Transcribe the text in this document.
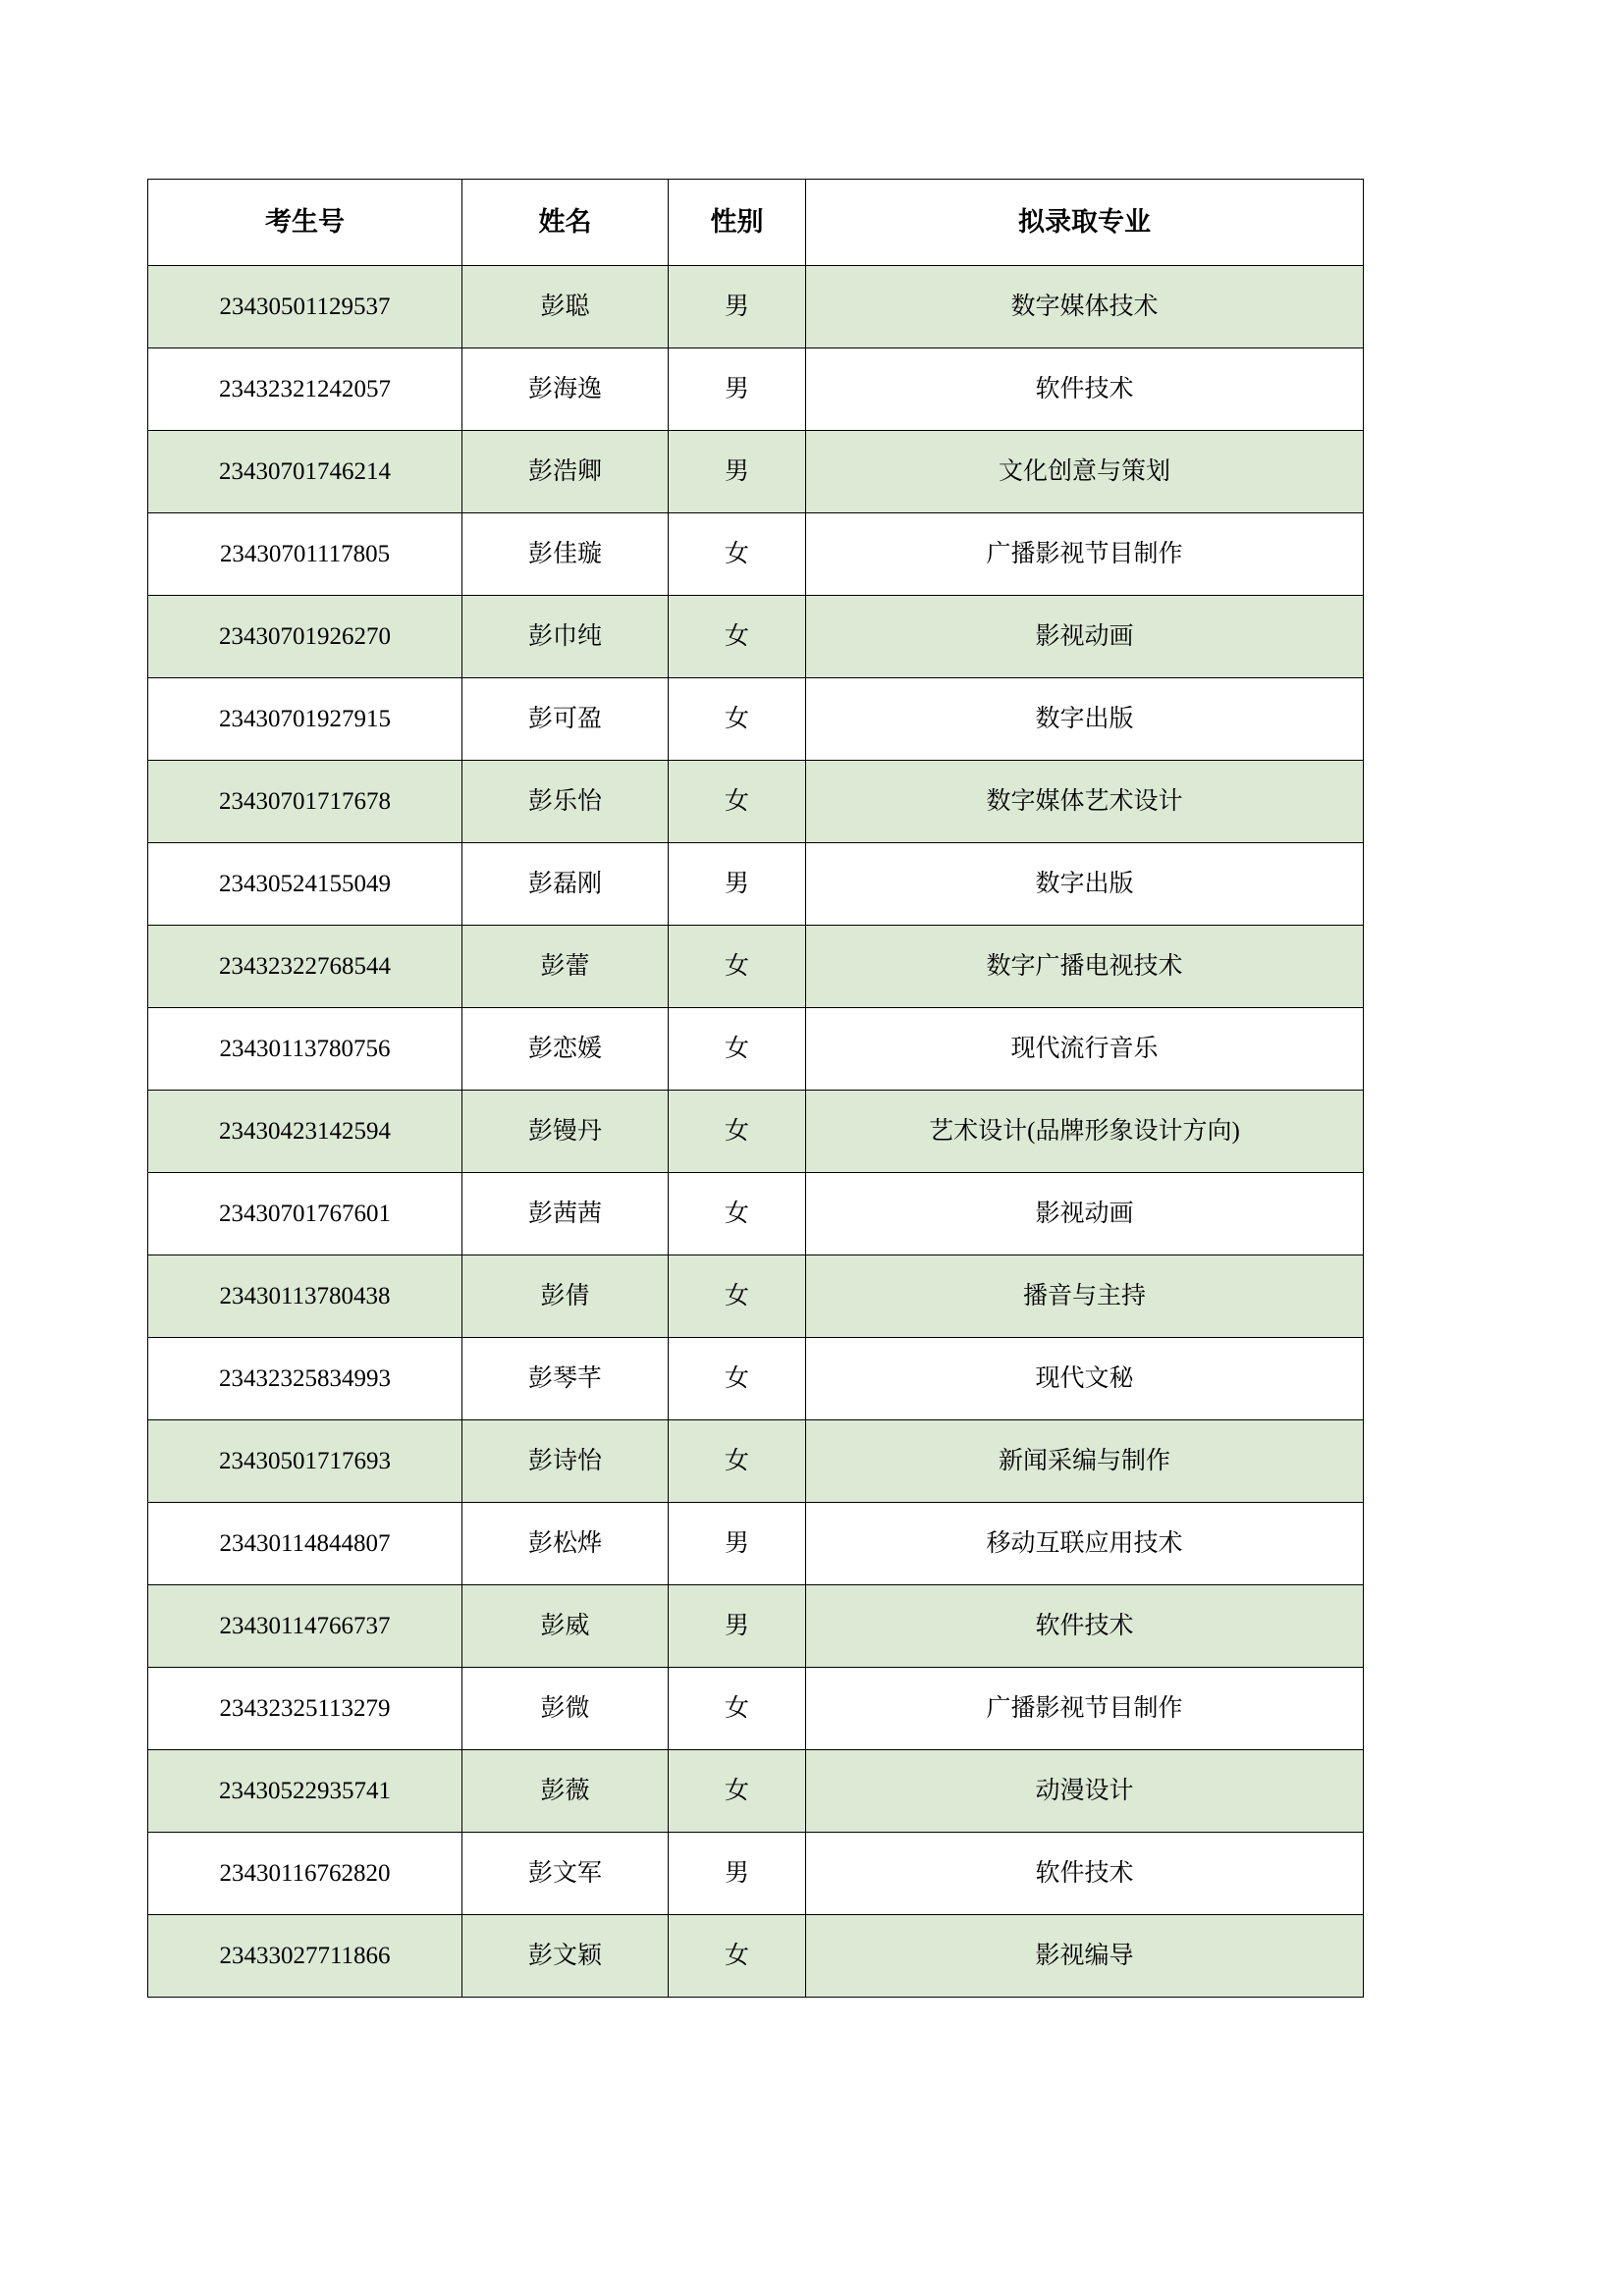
考生号	姓名	性别	拟录取专业
23430501129537	彭聪	男	数字媒体技术
23432321242057	彭海逸	男	软件技术
23430701746214	彭浩卿	男	文化创意与策划
23430701117805	彭佳璇	女	广播影视节目制作
23430701926270	彭巾纯	女	影视动画
23430701927915	彭可盈	女	数字出版
23430701717678	彭乐怡	女	数字媒体艺术设计
23430524155049	彭磊刚	男	数字出版
23432322768544	彭蕾	女	数字广播电视技术
23430113780756	彭恋媛	女	现代流行音乐
23430423142594	彭镘丹	女	艺术设计(品牌形象设计方向)
23430701767601	彭茜茜	女	影视动画
23430113780438	彭倩	女	播音与主持
23432325834993	彭琴芊	女	现代文秘
23430501717693	彭诗怡	女	新闻采编与制作
23430114844807	彭松烨	男	移动互联应用技术
23430114766737	彭威	男	软件技术
23432325113279	彭微	女	广播影视节目制作
23430522935741	彭薇	女	动漫设计
23430116762820	彭文军	男	软件技术
23433027711866	彭文颖	女	影视编导
